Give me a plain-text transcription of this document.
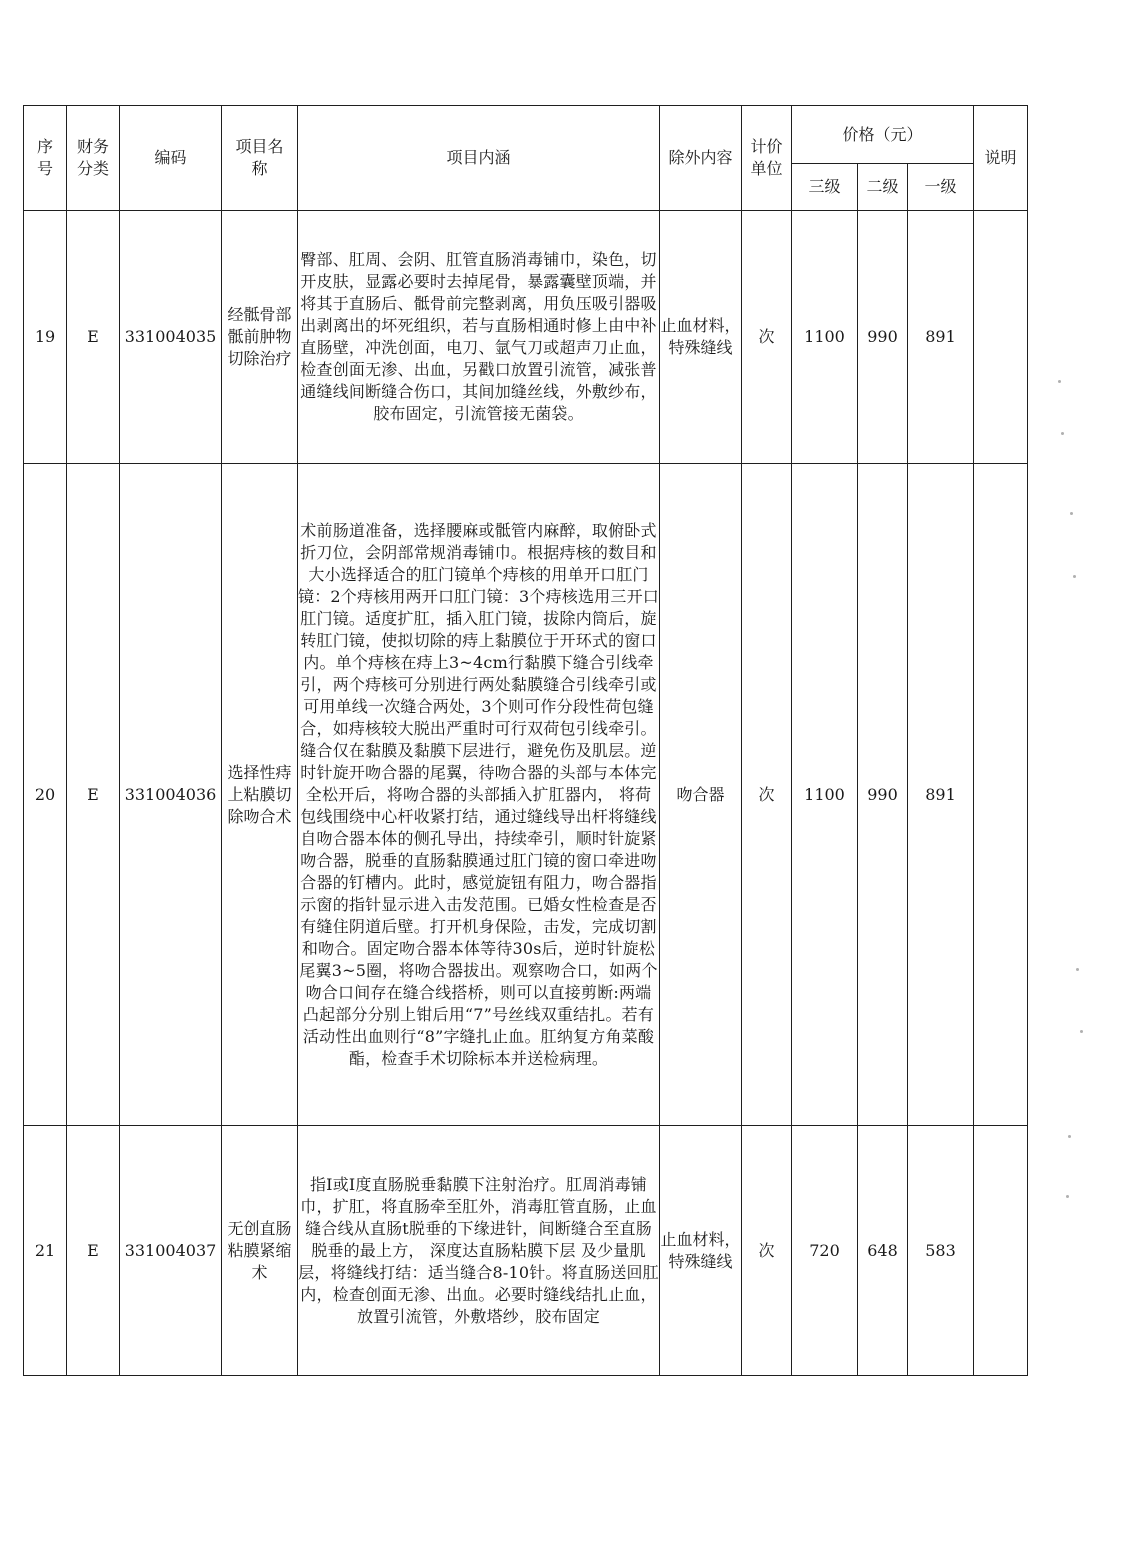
序号	财务分类	编码	项目名称	项目内涵	除外内容	计价单位	价格（元）			说明
							三级	二级	一级	
19	E	331004035	经骶骨部骶前肿物切除治疗	臀部、肛周、会阴、肛管直肠消毒铺巾，染色，切开皮肤，显露必要时去掉尾骨，暴露囊壁顶端，并将其于直肠后、骶骨前完整剥离，用负压吸引器吸出剥离出的坏死组织，若与直肠相通时修上由中补直肠壁，冲洗创面，电刀、氩气刀或超声刀止血，检查创面无渗、出血，另戳口放置引流管，减张普通缝线间断缝合伤口，其间加缝丝线，外敷纱布，胶布固定，引流管接无菌袋。	止血材料，特殊缝线	次	1100	990	891	
20	E	331004036	选择性痔上粘膜切除吻合术	术前肠道准备，选择腰麻或骶管内麻醉，取俯卧式折刀位，会阴部常规消毒铺巾。根据痔核的数目和大小选择适合的肛门镜单个痔核的用单开口肛门镜：2个痔核用两开口肛门镜：3个痔核选用三开口肛门镜。适度扩肛，插入肛门镜，拔除内筒后，旋转肛门镜，使拟切除的痔上黏膜位于开环式的窗口内。单个痔核在痔上3~4cm行黏膜下缝合引线牵引，两个痔核可分别进行两处黏膜缝合引线牵引或可用单线一次缝合两处，3个则可作分段性荷包缝合，如痔核较大脱出严重时可行双荷包引线牵引。缝合仅在黏膜及黏膜下层进行，避免伤及肌层。逆时针旋开吻合器的尾翼，待吻合器的头部与本体完全松开后，将吻合器的头部插入扩肛器内， 将荷包线围绕中心杆收紧打结，通过缝线导出杆将缝线自吻合器本体的侧孔导出，持续牵引，顺时针旋紧吻合器，脱垂的直肠黏膜通过肛门镜的窗口牵进吻合器的钉槽内。此时，感觉旋钮有阻力，吻合器指示窗的指针显示进入击发范围。已婚女性检查是否有缝住阴道后壁。打开机身保险，击发，完成切割和吻合。固定吻合器本体等待30s后，逆时针旋松尾翼3~5圈，将吻合器拔出。观察吻合口，如两个吻合口间存在缝合线搭桥，则可以直接剪断:两端凸起部分分别上钳后用“7”号丝线双重结扎。若有活动性出血则行“8”字缝扎止血。肛纳复方角菜酸酯，检查手术切除标本并送检病理。	吻合器	次	1100	990	891	
21	E	331004037	无创直肠粘膜紧缩术	指I或I度直肠脱垂黏膜下注射治疗。肛周消毒铺巾，扩肛，将直肠牵至肛外，消毒肛管直肠，止血缝合线从直肠t脱垂的下缘进针，间断缝合至直肠脱垂的最上方， 深度达直肠粘膜下层 及少量肌层，将缝线打结：适当缝合8-10针。将直肠送回肛内，检查创面无渗、出血。必要时缝线结扎止血，放置引流管，外敷塔纱，胶布固定	止血材料，特殊缝线	次	720	648	583	
